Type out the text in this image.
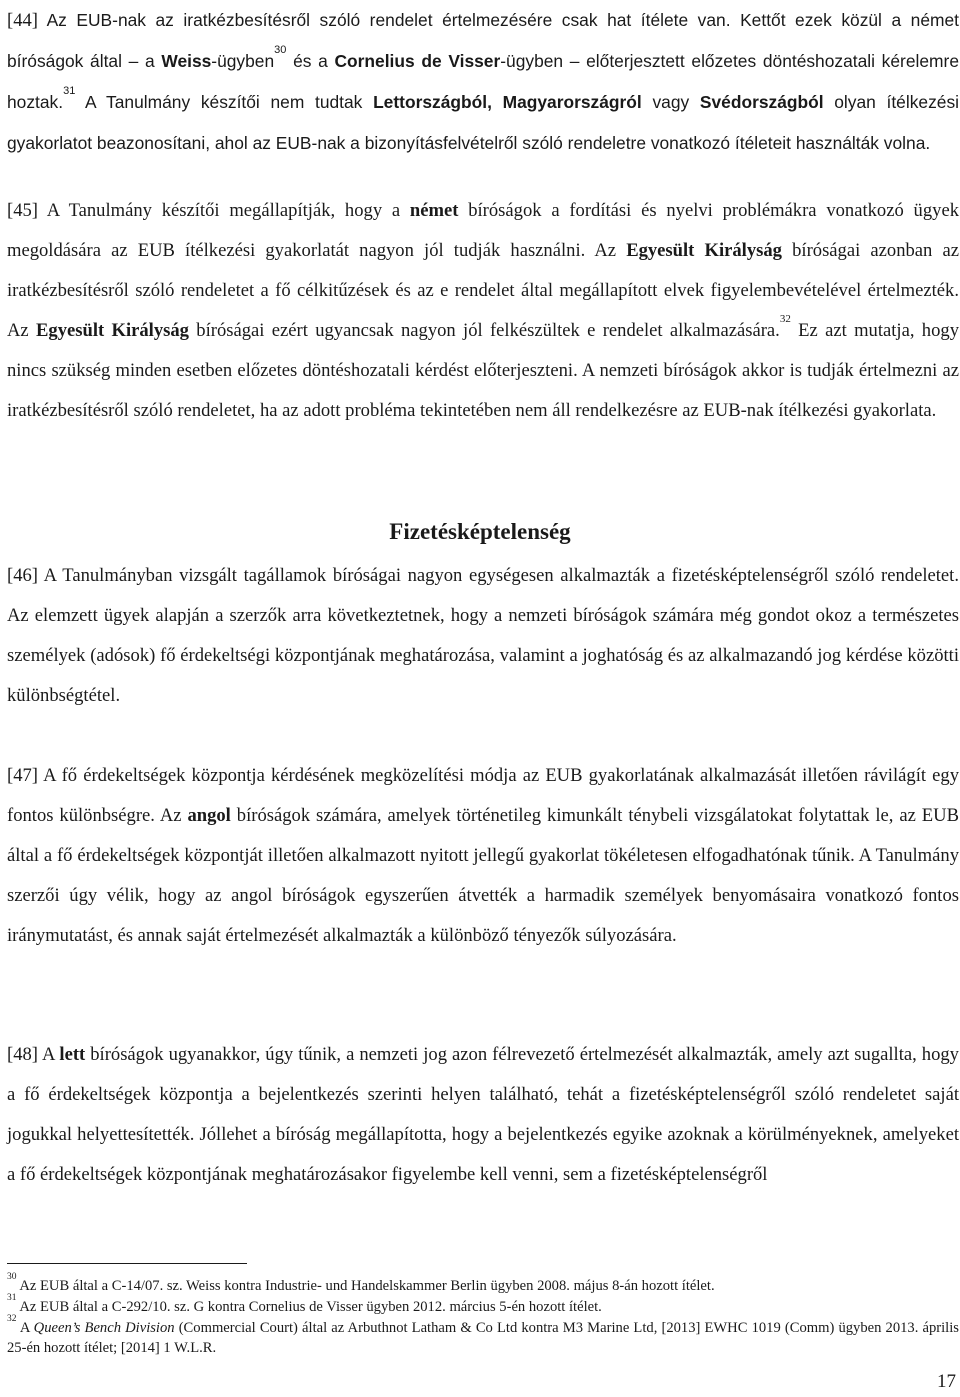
[44] Az EUB-nak az iratkézbesítésről szóló rendelet értelmezésére csak hat ítélete van. Kettőt ezek közül a német bíróságok által – a Weiss-ügyben$^{30}$ és a Cornelius de Visser-ügyben – előterjesztett előzetes döntéshozatali kérelemre hoztak.$^{31}$ A Tanulmány készítői nem tudtak Lettországból, Magyarországról vagy Svédországból olyan ítélkezési gyakorlatot beazonosítani, ahol az EUB-nak a bizonyításfelvételről szóló rendeletre vonatkozó ítéleteit használták volna.

[45] A Tanulmány készítői megállapítják, hogy a német bíróságok a fordítási és nyelvi problémákra vonatkozó ügyek megoldására az EUB ítélkezési gyakorlatát nagyon jól tudják használni. Az Egyesült Királyság bíróságai azonban az iratkézbesítésről szóló rendeletet a fő célkitűzések és az e rendelet által megállapított elvek figyelembevételével értelmezték. Az Egyesült Királyság bíróságai ezért ugyancsak nagyon jól felkészültek e rendelet alkalmazására.$^{32}$ Ez azt mutatja, hogy nincs szükség minden esetben előzetes döntéshozatali kérdést előterjeszteni. A nemzeti bíróságok akkor is tudják értelmezni az iratkézbesítésről szóló rendeletet, ha az adott probléma tekintetében nem áll rendelkezésre az EUB-nak ítélkezési gyakorlata.

Fizetésképtelenség

[46] A Tanulmányban vizsgált tagállamok bíróságai nagyon egységesen alkalmazták a fizetésképtelenségről szóló rendeletet. Az elemzett ügyek alapján a szerzők arra következtetnek, hogy a nemzeti bíróságok számára még gondot okoz a természetes személyek (adósok) fő érdekeltségi központjának meghatározása, valamint a joghatóság és az alkalmazandó jog kérdése közötti különbségtétel.

[47] A fő érdekeltségek központja kérdésének megközelítési módja az EUB gyakorlatának alkalmazását illetően rávilágít egy fontos különbségre. Az angol bíróságok számára, amelyek történetileg kimunkált ténybeli vizsgálatokat folytattak le, az EUB által a fő érdekeltségek központját illetően alkalmazott nyitott jellegű gyakorlat tökéletesen elfogadhatónak tűnik. A Tanulmány szerzői úgy vélik, hogy az angol bíróságok egyszerűen átvették a harmadik személyek benyomásaira vonatkozó fontos iránymutatást, és annak saját értelmezését alkalmazták a különböző tényezők súlyozására.

[48] A lett bíróságok ugyanakkor, úgy tűnik, a nemzeti jog azon félrevezető értelmezését alkalmazták, amely azt sugallta, hogy a fő érdekeltségek központja a bejelentkezés szerinti helyen található, tehát a fizetésképtelenségről szóló rendeletet saját jogukkal helyettesítették. Jóllehet a bíróság megállapította, hogy a bejelentkezés egyike azoknak a körülményeknek, amelyeket a fő érdekeltségek központjának meghatározásakor figyelembe kell venni, sem a fizetésképtelenségről

$^{30}$ Az EUB által a C-14/07. sz. Weiss kontra Industrie- und Handelskammer Berlin ügyben 2008. május 8-án hozott ítélet.

$^{31}$ Az EUB által a C-292/10. sz. G kontra Cornelius de Visser ügyben 2012. március 5-én hozott ítélet.

$^{32}$ A Queen’s Bench Division (Commercial Court) által az Arbuthnot Latham & Co Ltd kontra M3 Marine Ltd, [2013] EWHC 1019 (Comm) ügyben 2013. április 25-én hozott ítélet; [2014] 1 W.L.R.

17
